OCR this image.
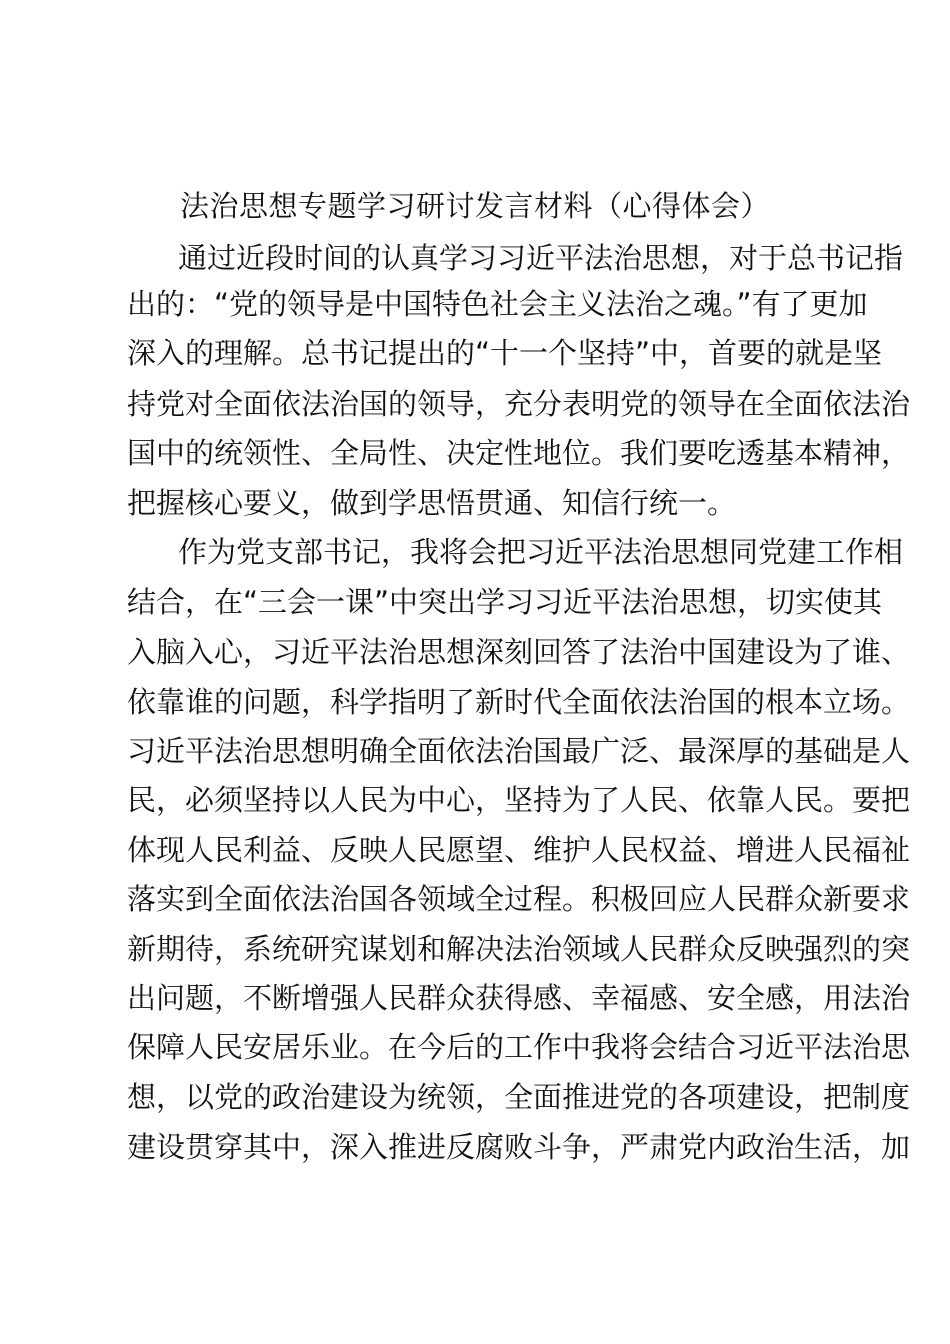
法治思想专题学习研讨发言材料（心得体会）
通过近段时间的认真学习习近平法治思想，对于总书记指
出的：“党的领导是中国特色社会主义法治之魂。”有了更加
深入的理解。总书记提出的“十一个坚持”中，首要的就是坚
持党对全面依法治国的领导，充分表明党的领导在全面依法治
国中的统领性、全局性、决定性地位。我们要吃透基本精神，
把握核心要义，做到学思悟贯通、知信行统一。
作为党支部书记，我将会把习近平法治思想同党建工作相
结合，在“三会一课”中突出学习习近平法治思想，切实使其
入脑入心，习近平法治思想深刻回答了法治中国建设为了谁、
依靠谁的问题，科学指明了新时代全面依法治国的根本立场。
习近平法治思想明确全面依法治国最广泛、最深厚的基础是人
民，必须坚持以人民为中心，坚持为了人民、依靠人民。要把
体现人民利益、反映人民愿望、维护人民权益、增进人民福祉
落实到全面依法治国各领域全过程。积极回应人民群众新要求
新期待，系统研究谋划和解决法治领域人民群众反映强烈的突
出问题，不断增强人民群众获得感、幸福感、安全感，用法治
保障人民安居乐业。在今后的工作中我将会结合习近平法治思
想，以党的政治建设为统领，全面推进党的各项建设，把制度
建设贯穿其中，深入推进反腐败斗争，严肃党内政治生活，加
